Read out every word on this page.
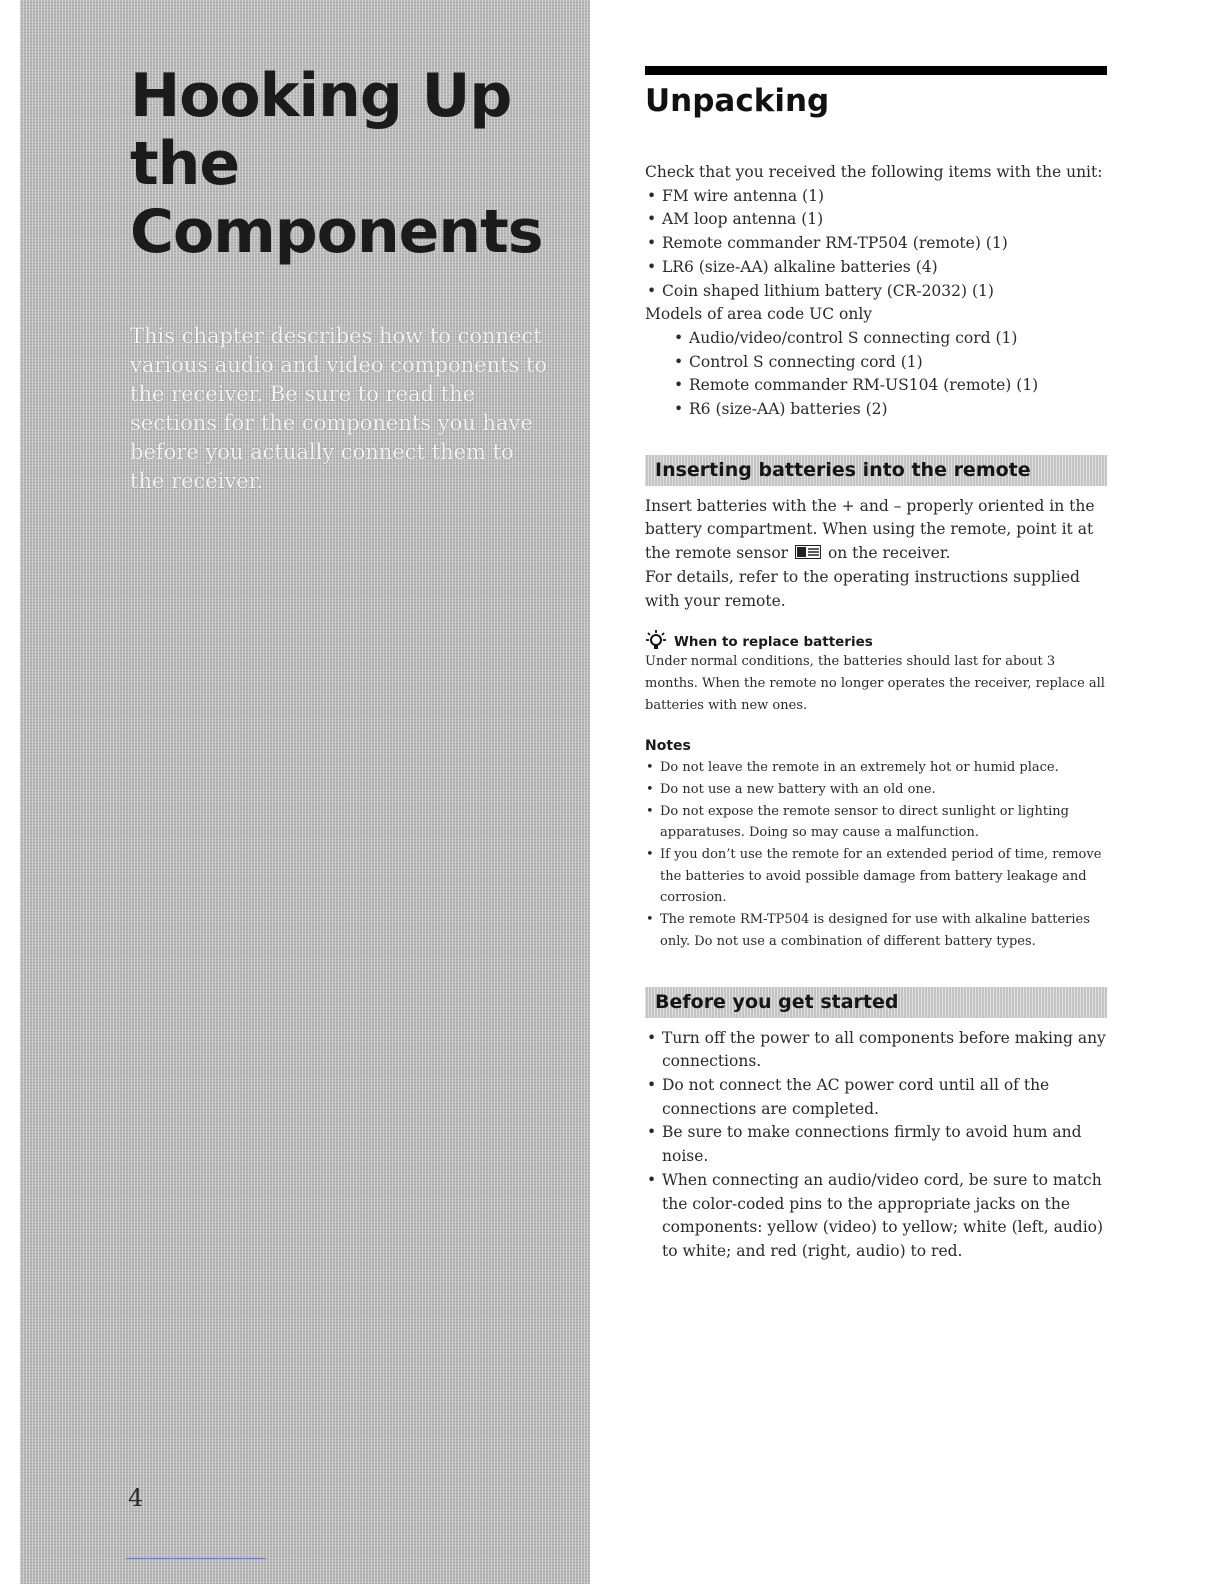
Hooking Up
the
Components

This chapter describes how to connect various audio and video components to the receiver. Be sure to read the sections for the components you have before you actually connect them to the receiver.

4
Unpacking

Check that you received the following items with the unit:

• FM wire antenna (1)
• AM loop antenna (1)
• Remote commander RM-TP504 (remote) (1)
• LR6 (size-AA) alkaline batteries (4)
• Coin shaped lithium battery (CR-2032) (1)

Models of area code UC only

• Audio/video/control S connecting cord (1)
• Control S connecting cord (1)
• Remote commander RM-US104 (remote) (1)
• R6 (size-AA) batteries (2)
Inserting batteries into the remote

Insert batteries with the + and – properly oriented in the battery compartment. When using the remote, point it at the remote sensor	on the receiver.

For details, refer to the operating instructions supplied with your remote.

When to replace batteries

Under normal conditions, the batteries should last for about 3 months. When the remote no longer operates the receiver, replace all batteries with new ones.

Notes
• Do not leave the remote in an extremely hot or humid place.
• Do not use a new battery with an old one.
• Do not expose the remote sensor to direct sunlight or lighting apparatuses. Doing so may cause a malfunction.
• If you don’t use the remote for an extended period of time, remove the batteries to avoid possible damage from battery leakage and corrosion.
• The remote RM-TP504 is designed for use with alkaline batteries only. Do not use a combination of different battery types.
Before you get started
• Turn off the power to all components before making any connections.
• Do not connect the AC power cord until all of the connections are completed.
• Be sure to make connections firmly to avoid hum and noise.
• When connecting an audio/video cord, be sure to match the color-coded pins to the appropriate jacks on the components: yellow (video) to yellow; white (left, audio) to white; and red (right, audio) to red.
